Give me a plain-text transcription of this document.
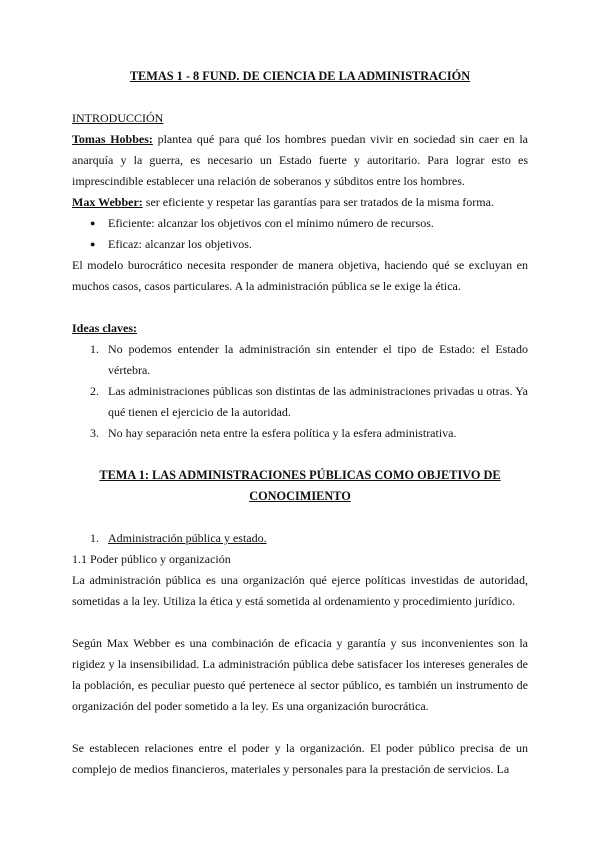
TEMAS 1 - 8 FUND. DE CIENCIA DE LA ADMINISTRACIÓN
INTRODUCCIÓN

Tomas Hobbes: plantea qué para qué los hombres puedan vivir en sociedad sin caer en la anarquía y la guerra, es necesario un Estado fuerte y autoritario. Para lograr esto es imprescindible establecer una relación de soberanos y súbditos entre los hombres.

Max Webber: ser eficiente y respetar las garantías para ser tratados de la misma forma.

● Eficiente: alcanzar los objetivos con el mínimo número de recursos.
● Eficaz: alcanzar los objetivos.

El modelo burocrático necesita responder de manera objetiva, haciendo qué se excluyan en muchos casos, casos particulares. A la administración pública se le exige la ética.

Ideas claves:
1. No podemos entender la administración sin entender el tipo de Estado: el Estado vértebra.
2. Las administraciones públicas son distintas de las administraciones privadas u otras. Ya qué tienen el ejercicio de la autoridad.
3. No hay separación neta entre la esfera política y la esfera administrativa.
TEMA 1: LAS ADMINISTRACIONES PÚBLICAS COMO OBJETIVO DE CONOCIMIENTO
1. Administración pública y estado.
1.1 Poder público y organización

La administración pública es una organización qué ejerce políticas investidas de autoridad, sometidas a la ley. Utiliza la ética y está sometida al ordenamiento y procedimiento jurídico.

Según Max Webber es una combinación de eficacia y garantía y sus inconvenientes son la rigidez y la insensibilidad. La administración pública debe satisfacer los intereses generales de la población, es peculiar puesto qué pertenece al sector público, es también un instrumento de organización del poder sometido a la ley. Es una organización burocrática.

Se establecen relaciones entre el poder y la organización. El poder público precisa de un complejo de medios financieros, materiales y personales para la prestación de servicios. La
